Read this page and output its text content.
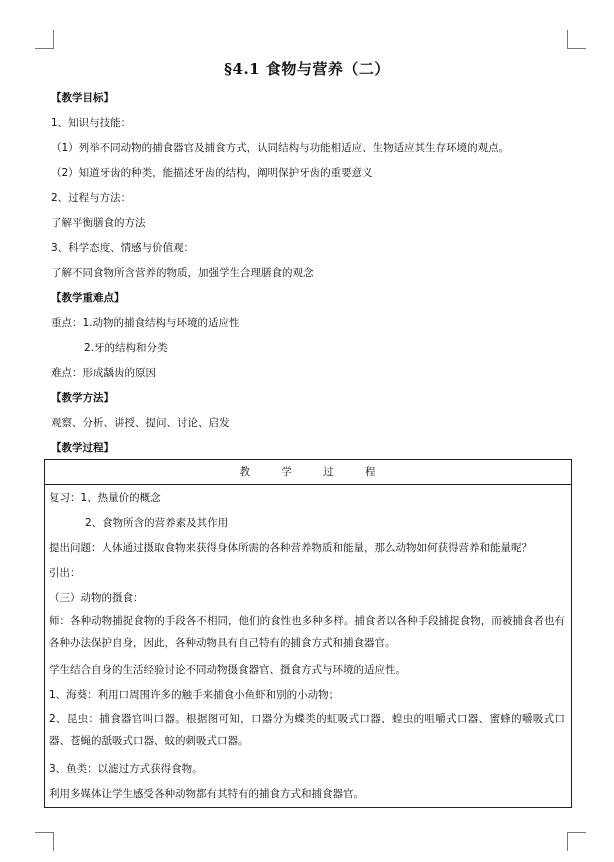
§4.1 食物与营养（二）
【教学目标】
1、知识与技能：
（1）列举不同动物的捕食器官及捕食方式，认同结构与功能相适应、生物适应其生存环境的观点。
（2）知道牙齿的种类，能描述牙齿的结构，阐明保护牙齿的重要意义
2、过程与方法：
了解平衡膳食的方法
3、科学态度、情感与价值观：
了解不同食物所含营养的物质，加强学生合理膳食的观念
【教学重难点】
重点：1.动物的捕食结构与环境的适应性
2.牙的结构和分类
难点：形成龋齿的原因
【教学方法】
观察、分析、讲授、提问、讨论、启发
【教学过程】
教 学 过 程
复习：1、热量价的概念
2、食物所含的营养素及其作用
提出问题：人体通过摄取食物来获得身体所需的各种营养物质和能量，那么动物如何获得营养和能量呢？
引出：
（三）动物的摄食：
师：各种动物捕捉食物的手段各不相同，他们的食性也多种多样。捕食者以各种手段捕捉食物，而被捕食者也有各种办法保护自身，因此，各种动物具有自己特有的捕食方式和捕食器官。
学生结合自身的生活经验讨论不同动物摄食器官、摄食方式与环境的适应性。
1、海葵：利用口周围许多的触手来捕食小鱼虾和别的小动物；
2、昆虫：捕食器官叫口器。根据图可知，口器分为蝶类的虹吸式口器、蝗虫的咀嚼式口器、蜜蜂的嚼吸式口器、苍蝇的舐吸式口器、蚊的刺吸式口器。
3、鱼类：以滤过方式获得食物。
利用多媒体让学生感受各种动物都有其特有的捕食方式和捕食器官。
